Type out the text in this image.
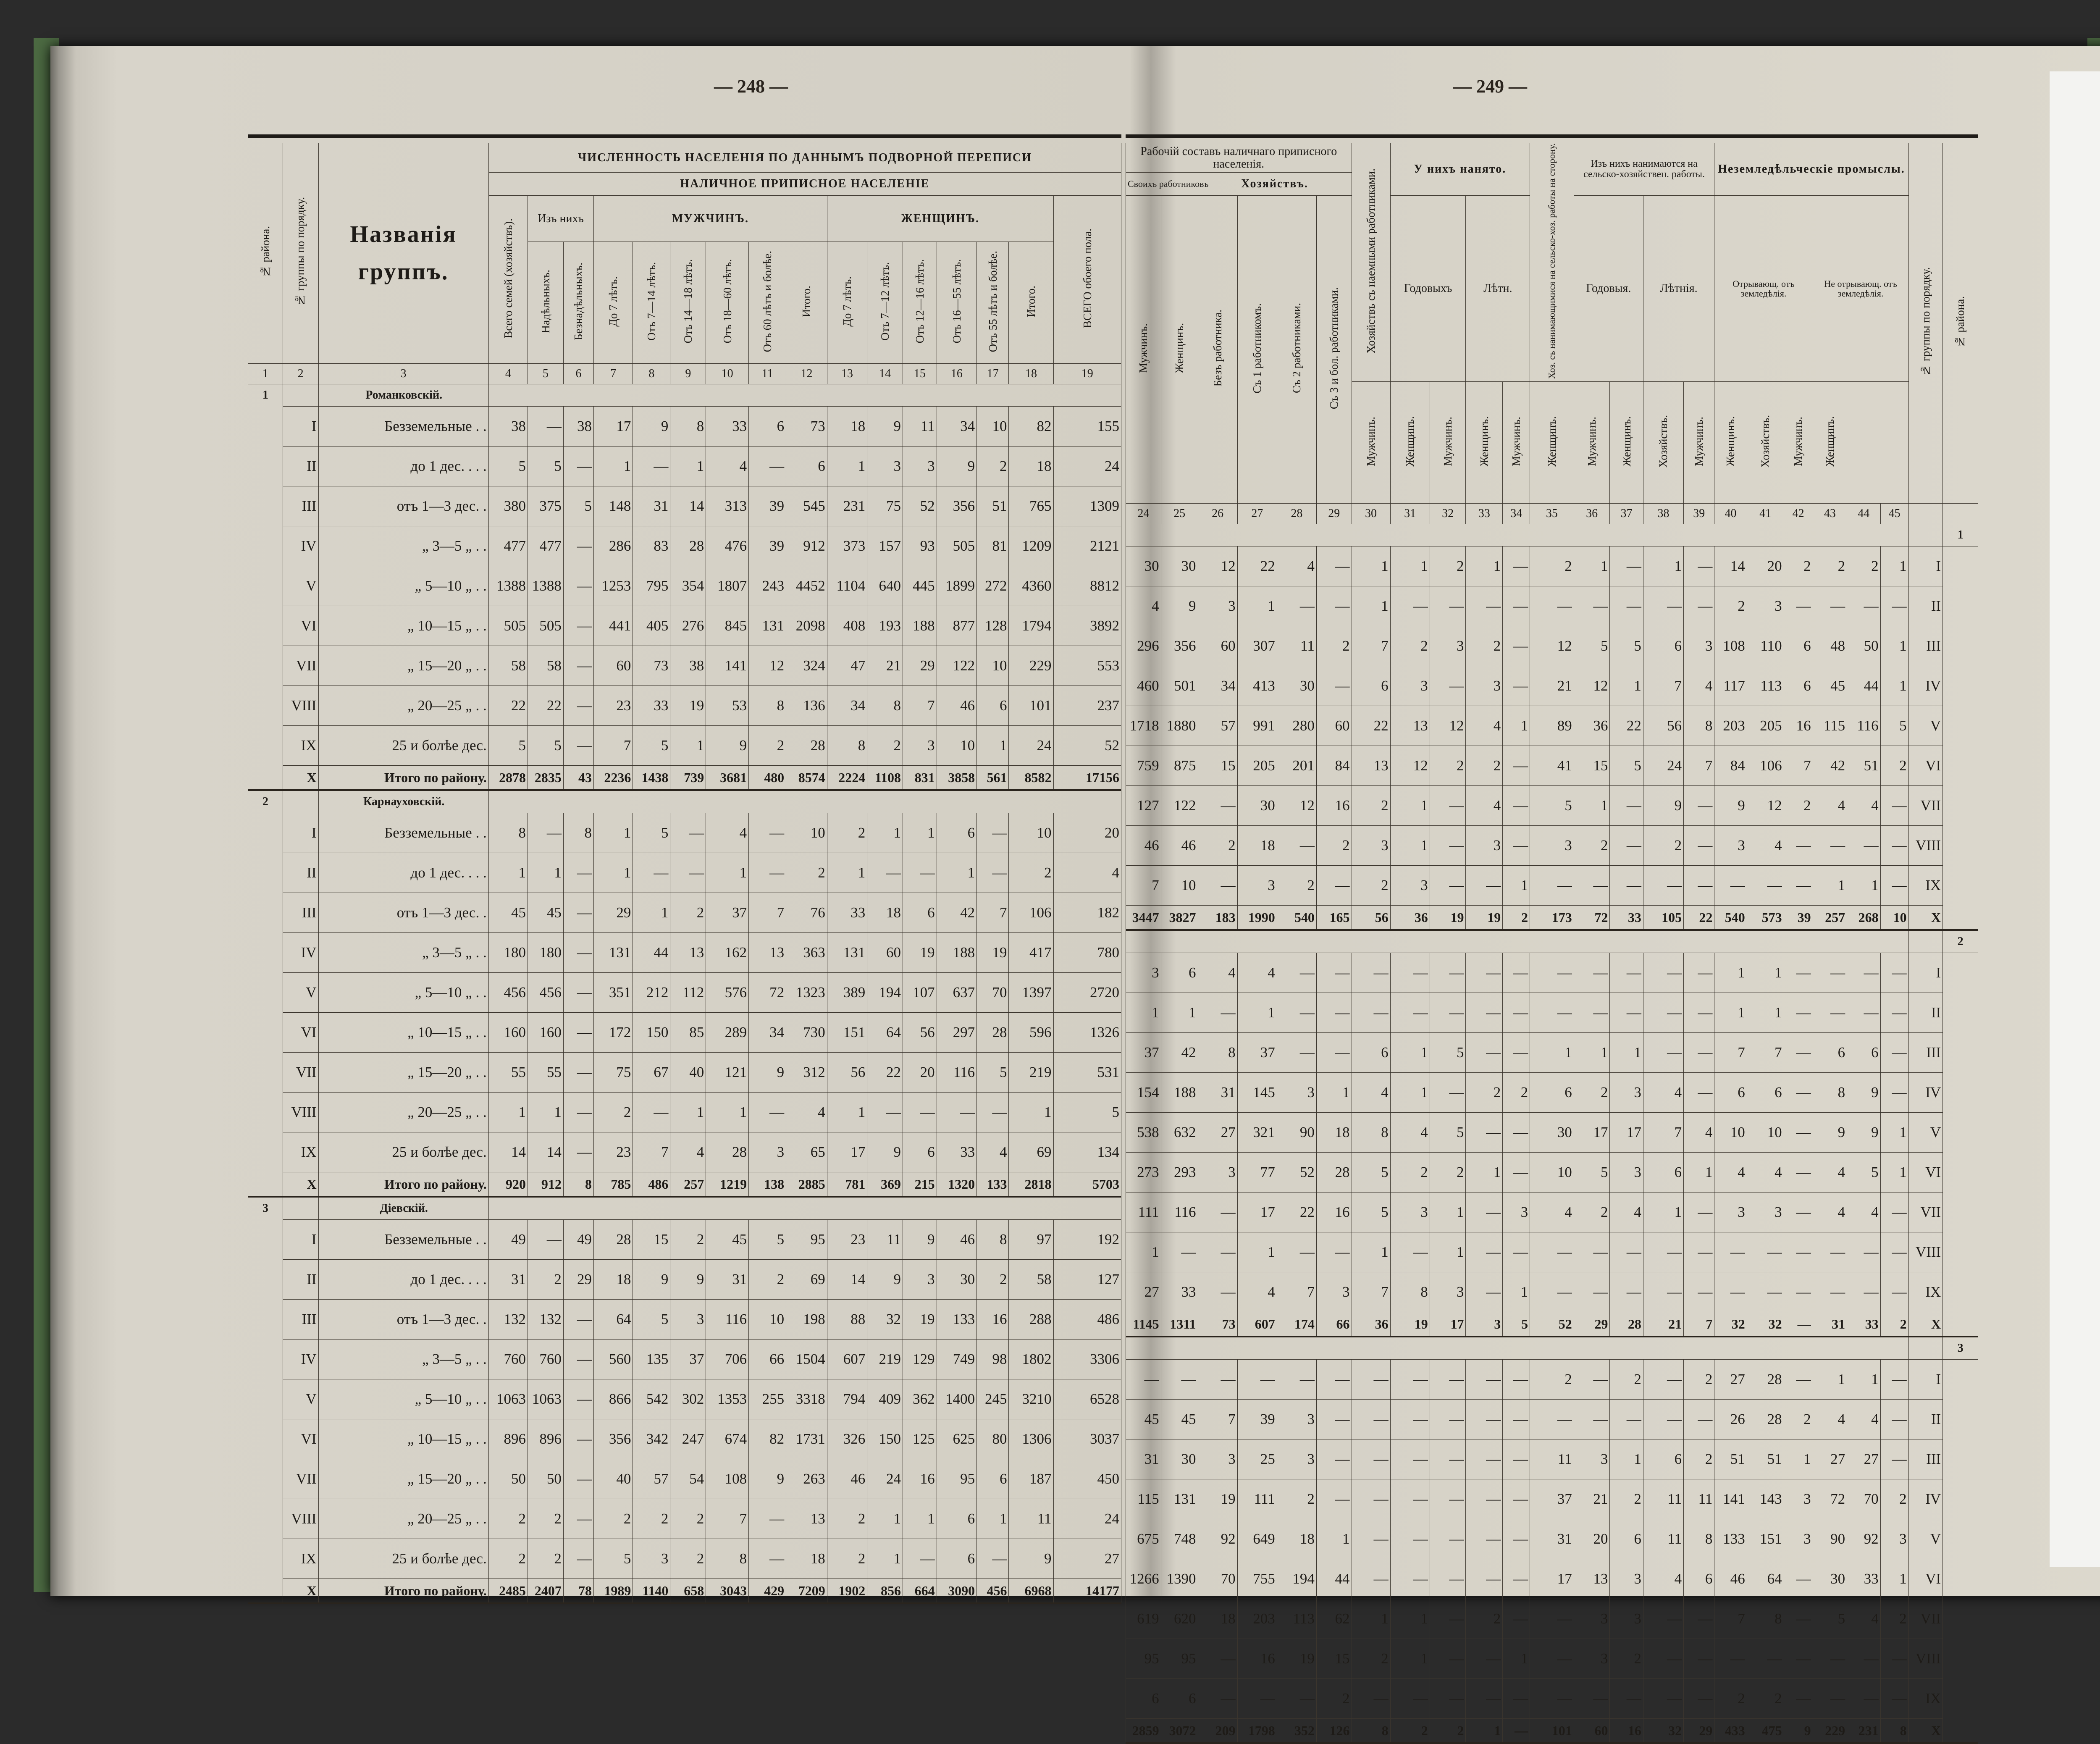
— 248 —
№ района.	№ группы по порядку.	Названія
группъ.	ЧИСЛЕННОСТЬ НАСЕЛЕНІЯ ПО ДАННЫМЪ ПОДВОРНОЙ ПЕРЕПИСИ															
			НАЛИЧНОЕ ПРИПИСНОЕ НАСЕЛЕНІЕ															
			Всего семей (хозяйствъ).	Изъ нихъ		МУЖЧИНЪ.						ЖЕНЩИНЪ.						ВСЕГО обоего пола.
				Надѣльныхъ.	Безнадѣльныхъ.	До 7 лѣтъ.	Отъ 7—14 лѣтъ.	Отъ 14—18 лѣтъ.	Отъ 18—60 лѣтъ.	Отъ 60 лѣтъ и болѣе.	Итого.	До 7 лѣтъ.	Отъ 7—12 лѣтъ.	Отъ 12—16 лѣтъ.	Отъ 16—55 лѣтъ.	Отъ 55 лѣтъ и болѣе.	Итого.	
1	2	3	4	5	6	7	8	9	10	11	12	13	14	15	16	17	18	19
1		Романковскій.																
	I	Безземельные . .	38	—	38	17	9	8	33	6	73	18	9	11	34	10	82	155
	II	до 1 дес. . . .	5	5	—	1	—	1	4	—	6	1	3	3	9	2	18	24
	III	отъ 1—3 дес. .	380	375	5	148	31	14	313	39	545	231	75	52	356	51	765	1309
	IV	„ 3—5 „ . .	477	477	—	286	83	28	476	39	912	373	157	93	505	81	1209	2121
	V	„ 5—10 „ . .	1388	1388	—	1253	795	354	1807	243	4452	1104	640	445	1899	272	4360	8812
	VI	„ 10—15 „ . .	505	505	—	441	405	276	845	131	2098	408	193	188	877	128	1794	3892
	VII	„ 15—20 „ . .	58	58	—	60	73	38	141	12	324	47	21	29	122	10	229	553
	VIII	„ 20—25 „ . .	22	22	—	23	33	19	53	8	136	34	8	7	46	6	101	237
	IX	25 и болѣе дес.	5	5	—	7	5	1	9	2	28	8	2	3	10	1	24	52
	X	Итого по району.	2878	2835	43	2236	1438	739	3681	480	8574	2224	1108	831	3858	561	8582	17156
2		Карнауховскій.																
	I	Безземельные . .	8	—	8	1	5	—	4	—	10	2	1	1	6	—	10	20
	II	до 1 дес. . . .	1	1	—	1	—	—	1	—	2	1	—	—	1	—	2	4
	III	отъ 1—3 дес. .	45	45	—	29	1	2	37	7	76	33	18	6	42	7	106	182
	IV	„ 3—5 „ . .	180	180	—	131	44	13	162	13	363	131	60	19	188	19	417	780
	V	„ 5—10 „ . .	456	456	—	351	212	112	576	72	1323	389	194	107	637	70	1397	2720
	VI	„ 10—15 „ . .	160	160	—	172	150	85	289	34	730	151	64	56	297	28	596	1326
	VII	„ 15—20 „ . .	55	55	—	75	67	40	121	9	312	56	22	20	116	5	219	531
	VIII	„ 20—25 „ . .	1	1	—	2	—	1	1	—	4	1	—	—	—	—	1	5
	IX	25 и болѣе дес.	14	14	—	23	7	4	28	3	65	17	9	6	33	4	69	134
	X	Итого по району.	920	912	8	785	486	257	1219	138	2885	781	369	215	1320	133	2818	5703
3		Діевскій.																
	I	Безземельные . .	49	—	49	28	15	2	45	5	95	23	11	9	46	8	97	192
	II	до 1 дес. . . .	31	2	29	18	9	9	31	2	69	14	9	3	30	2	58	127
	III	отъ 1—3 дес. .	132	132	—	64	5	3	116	10	198	88	32	19	133	16	288	486
	IV	„ 3—5 „ . .	760	760	—	560	135	37	706	66	1504	607	219	129	749	98	1802	3306
	V	„ 5—10 „ . .	1063	1063	—	866	542	302	1353	255	3318	794	409	362	1400	245	3210	6528
	VI	„ 10—15 „ . .	896	896	—	356	342	247	674	82	1731	326	150	125	625	80	1306	3037
	VII	„ 15—20 „ . .	50	50	—	40	57	54	108	9	263	46	24	16	95	6	187	450
	VIII	„ 20—25 „ . .	2	2	—	2	2	2	7	—	13	2	1	1	6	1	11	24
	IX	25 и болѣе дес.	2	2	—	5	3	2	8	—	18	2	1	—	6	—	9	27
	X	Итого по району.	2485	2407	78	1989	1140	658	3043	429	7209	1902	856	664	3090	456	6968	14177
— 249 —
Рабочій составъ наличнаго приписного населенія.						Хозяйствъ съ наемными работниками.	У нихъ нанято.				Хоз. съ нанимающимися на сельско-хоз. работы на сторону.	Изъ нихъ нанимаются на сельско-хозяйствен. работы.				Неземледѣльческіе промыслы.						№ группы по порядку.	№ района.
Своихъ работниковъ		Хозяйствъ.																					
Мужчинъ.	Женщинъ.	Безъ работника.	Съ 1 работникомъ.	Съ 2 работниками.	Съ 3 и бол. работниками.		Годовыхъ		Лѣтн.			Годовыя.		Лѣтнія.		Отрывающ. отъ земледѣлія.			Не отрывающ. отъ земледѣлія.				
						Мужчинъ.	Женщинъ.	Мужчинъ.	Женщинъ.	Мужчинъ.	Женщинъ.	Мужчинъ.	Женщинъ.	Хозяйствъ.	Мужчинъ.	Женщинъ.	Хозяйствъ.	Мужчинъ.	Женщинъ.				
24	25	26	27	28	29	30	31	32	33	34	35	36	37	38	39	40	41	42	43	44	45		
																							1
30	30	12	22	4	—	1	1	2	1	—	2	1	—	1	—	14	20	2	2	2	1	I	
4	9	3	1	—	—	1	—	—	—	—	—	—	—	—	—	2	3	—	—	—	—	II	
296	356	60	307	11	2	7	2	3	2	—	12	5	5	6	3	108	110	6	48	50	1	III	
460	501	34	413	30	—	6	3	—	3	—	21	12	1	7	4	117	113	6	45	44	1	IV	
1718	1880	57	991	280	60	22	13	12	4	1	89	36	22	56	8	203	205	16	115	116	5	V	
759	875	15	205	201	84	13	12	2	2	—	41	15	5	24	7	84	106	7	42	51	2	VI	
127	122	—	30	12	16	2	1	—	4	—	5	1	—	9	—	9	12	2	4	4	—	VII	
46	46	2	18	—	2	3	1	—	3	—	3	2	—	2	—	3	4	—	—	—	—	VIII	
7	10	—	3	2	—	2	3	—	—	1	—	—	—	—	—	—	—	—	1	1	—	IX	
3447	3827	183	1990	540	165	56	36	19	19	2	173	72	33	105	22	540	573	39	257	268	10	X	
																							2
3	6	4	4	—	—	—	—	—	—	—	—	—	—	—	—	1	1	—	—	—	—	I	
1	1	—	1	—	—	—	—	—	—	—	—	—	—	—	—	1	1	—	—	—	—	II	
37	42	8	37	—	—	6	1	5	—	—	1	1	1	—	—	7	7	—	6	6	—	III	
154	188	31	145	3	1	4	1	—	2	2	6	2	3	4	—	6	6	—	8	9	—	IV	
538	632	27	321	90	18	8	4	5	—	—	30	17	17	7	4	10	10	—	9	9	1	V	
273	293	3	77	52	28	5	2	2	1	—	10	5	3	6	1	4	4	—	4	5	1	VI	
111	116	—	17	22	16	5	3	1	—	3	4	2	4	1	—	3	3	—	4	4	—	VII	
1	—	—	1	—	—	1	—	1	—	—	—	—	—	—	—	—	—	—	—	—	—	VIII	
27	33	—	4	7	3	7	8	3	—	1	—	—	—	—	—	—	—	—	—	—	—	IX	
1145	1311	73	607	174	66	36	19	17	3	5	52	29	28	21	7	32	32	—	31	33	2	X	
																							3
—	—	—	—	—	—	—	—	—	—	—	2	—	2	—	2	27	28	—	1	1	—	I	
45	45	7	39	3	—	—	—	—	—	—	—	—	—	—	—	26	28	2	4	4	—	II	
31	30	3	25	3	—	—	—	—	—	—	11	3	1	6	2	51	51	1	27	27	—	III	
115	131	19	111	2	—	—	—	—	—	—	37	21	2	11	11	141	143	3	72	70	2	IV	
675	748	92	649	18	1	—	—	—	—	—	31	20	6	11	8	133	151	3	90	92	3	V	
1266	1390	70	755	194	44	—	—	—	—	—	17	13	3	4	6	46	64	—	30	33	1	VI	
619	620	18	203	113	62	1	1	—	2	—	—	3	3	—	—	7	8	—	5	4	2	VII	
95	95	—	16	19	15	2	1	—	—	1	—	3	2	—	—	—	—	—	—	—	—	VIII	
6	6	—	—	—	2	—	—	—	—	—	—	—	—	—	—	2	2	—	—	—	—	IX	
2859	3072	209	1798	352	126	8	2	2	1	—	101	60	16	32	29	433	475	9	229	231	8	X	
